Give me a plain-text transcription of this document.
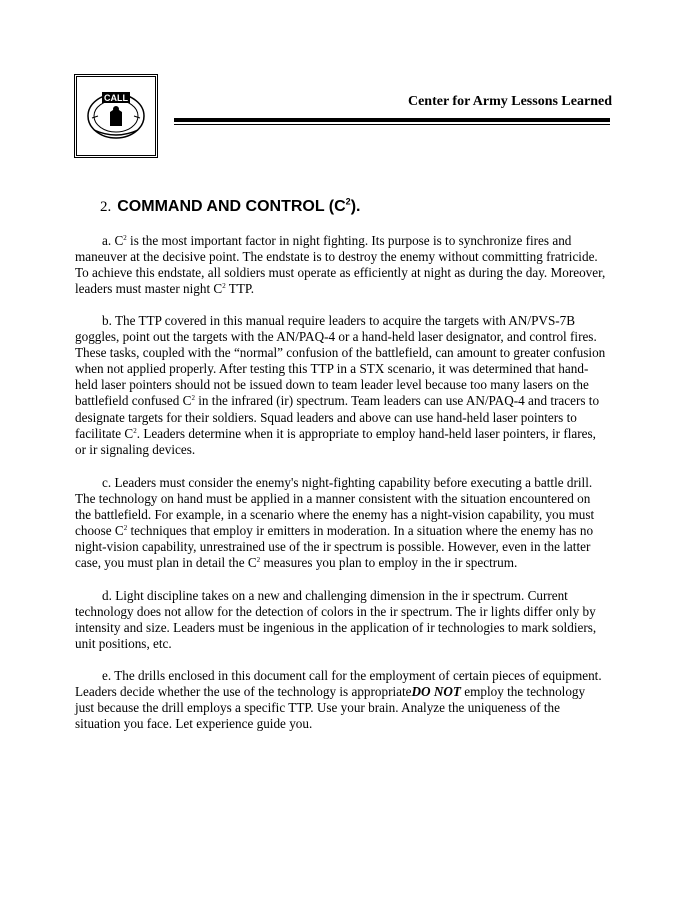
CALL	Center for Army Lessons Learned
2. COMMAND AND CONTROL $(C^2)$.
a. $C^2$ is the most important factor in night fighting. Its purpose is to synchronize fires and
maneuver at the decisive point. The endstate is to destroy the enemy without committing fratricide.
To achieve this endstate, all soldiers must operate as efficiently at night as during the day. Moreover,
leaders must master night $C^2$ TTP.
b. The TTP covered in this manual require leaders to acquire the targets with AN/PVS-7B
goggles, point out the targets with the AN/PAQ-4 or a hand-held laser designator, and control fires.
These tasks, coupled with the “normal” confusion of the battlefield, can amount to greater confusion
when not applied properly. After testing this TTP in a STX scenario, it was determined that hand-
held laser pointers should not be issued down to team leader level because too many lasers on the
battlefield confused $C^2$ in the infrared (ir) spectrum. Team leaders can use AN/PAQ-4 and tracers to
designate targets for their soldiers. Squad leaders and above can use hand-held laser pointers to
facilitate $C^2$. Leaders determine when it is appropriate to employ hand-held laser pointers, ir flares,
or ir signaling devices.
c. Leaders must consider the enemy's night-fighting capability before executing a battle drill.
The technology on hand must be applied in a manner consistent with the situation encountered on
the battlefield. For example, in a scenario where the enemy has a night-vision capability, you must
choose $C^2$ techniques that employ ir emitters in moderation. In a situation where the enemy has no
night-vision capability, unrestrained use of the ir spectrum is possible. However, even in the latter
case, you must plan in detail the $C^2$ measures you plan to employ in the ir spectrum.
d. Light discipline takes on a new and challenging dimension in the ir spectrum. Current
technology does not allow for the detection of colors in the ir spectrum. The ir lights differ only by
intensity and size. Leaders must be ingenious in the application of ir technologies to mark soldiers,
unit positions, etc.
e. The drills enclosed in this document call for the employment of certain pieces of equipment.
Leaders decide whether the use of the technology is appropriateDO NOT employ the technology
just because the drill employs a specific TTP. Use your brain. Analyze the uniqueness of the
situation you face. Let experience guide you.
